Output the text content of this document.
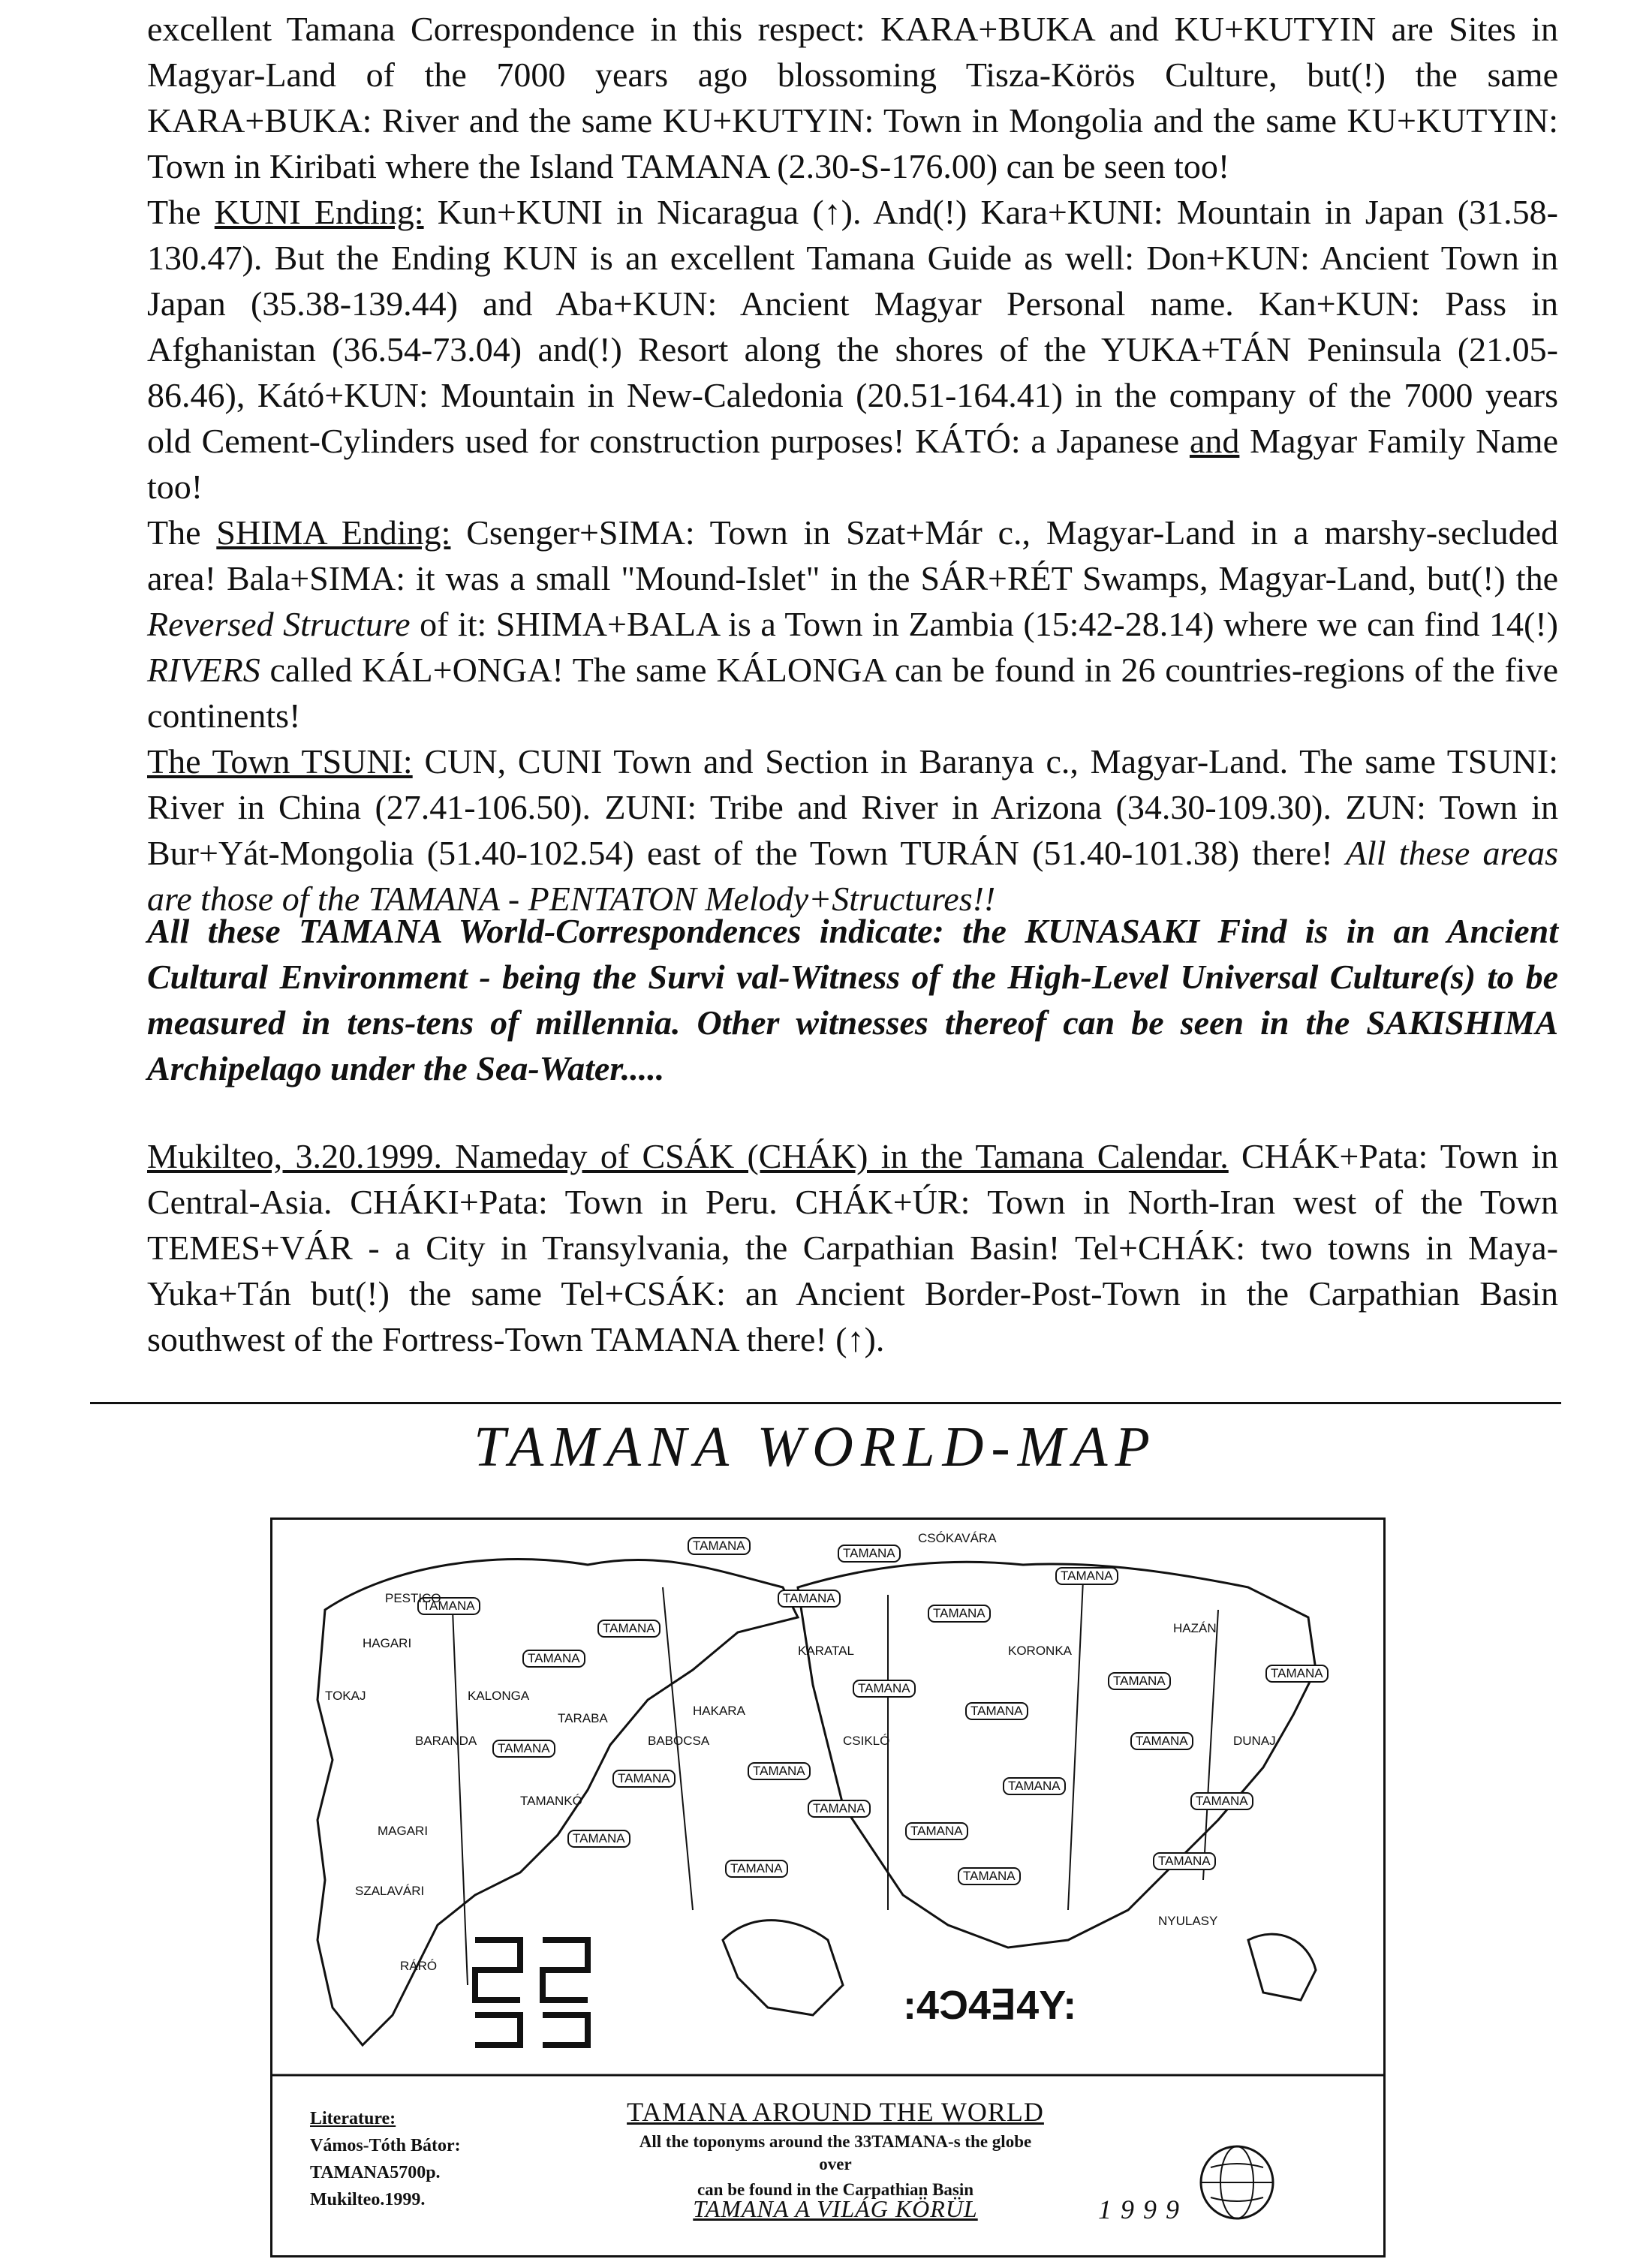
excellent Tamana Correspondence in this respect: KARA+BUKA and KU+KUTYIN are Sites in Magyar-Land of the 7000 years ago blossoming Tisza-Körös Culture, but(!) the same KARA+BUKA: River and the same KU+KUTYIN: Town in Mongolia and the same KU+KUTYIN: Town in Kiribati where the Island TAMANA (2.30-S-176.00) can be seen too!

The KUNI Ending: Kun+KUNI in Nicaragua (↑). And(!) Kara+KUNI: Mountain in Japan (31.58-130.47). But the Ending KUN is an excellent Tamana Guide as well: Don+KUN: Ancient Town in Japan (35.38-139.44) and Aba+KUN: Ancient Magyar Personal name. Kan+KUN: Pass in Afghanistan (36.54-73.04) and(!) Resort along the shores of the YUKA+TÁN Peninsula (21.05-86.46), Kátó+KUN: Mountain in New-Caledonia (20.51-164.41) in the company of the 7000 years old Cement-Cylinders used for construction purposes! KÁTÓ: a Japanese and Magyar Family Name too!

The SHIMA Ending: Csenger+SIMA: Town in Szat+Már c., Magyar-Land in a marshy-secluded area! Bala+SIMA: it was a small "Mound-Islet" in the SÁR+RÉT Swamps, Magyar-Land, but(!) the Reversed Structure of it: SHIMA+BALA is a Town in Zambia (15:42-28.14) where we can find 14(!) RIVERS called KÁL+ONGA! The same KÁLONGA can be found in 26 countries-regions of the five continents!

The Town TSUNI: CUN, CUNI Town and Section in Baranya c., Magyar-Land. The same TSUNI: River in China (27.41-106.50). ZUNI: Tribe and River in Arizona (34.30-109.30). ZUN: Town in Bur+Yát-Mongolia (51.40-102.54) east of the Town TURÁN (51.40-101.38) there! All these areas are those of the TAMANA - PENTATON Melody+Structures!!

All these TAMANA World-Correspondences indicate: the KUNASAKI Find is in an Ancient Cultural Environment - being the Survi val-Witness of the High-Level Universal Culture(s) to be measured in tens-tens of millennia. Other witnesses thereof can be seen in the SAKISHIMA Archipelago under the Sea-Water.....

Mukilteo, 3.20.1999. Nameday of CSÁK (CHÁK) in the Tamana Calendar. CHÁK+Pata: Town in Central-Asia. CHÁKI+Pata: Town in Peru. CHÁK+ÚR: Town in North-Iran west of the Town TEMES+VÁR - a City in Transylvania, the Carpathian Basin! Tel+CHÁK: two towns in Maya-Yuka+Tán but(!) the same Tel+CSÁK: an Ancient Border-Post-Town in the Carpathian Basin southwest of the Fortress-Town TAMANA there! (↑).

TAMANA WORLD-MAP
TAMANA
TAMANA
TAMANA
TAMANA
TAMANA
TAMANA
TAMANA
TAMANA
TAMANA
TAMANA
TAMANA
TAMANA
TAMANA
TAMANA
TAMANA
TAMANA
TAMANA
TAMANA
TAMANA
TAMANA
TAMANA
TAMANA
TAMANA
TAMANA
HAGARI
KALONGA
BARANDA
TARABA
HAKARA
KARATAL
CSÓKAVÁRA
MAGARI
SZALAVÁRI
PESTICO
TAMANKÓ
RÁRÓ
KORONKA
BABOCSA
HAZÁN
TOKAJ
CSIKLÓ	DUNAJ
NYULASY
:4Ɔ4ꓱ4Y:
Literature:
Vámos-Tóth Bátor:
TAMANA5700p.
Mukilteo.1999.
TAMANA AROUND THE WORLD
All the toponyms around the 33TAMANA-s the globe over
can be found in the Carpathian Basin
TAMANA A VILÁG KÖRÜL	1999
